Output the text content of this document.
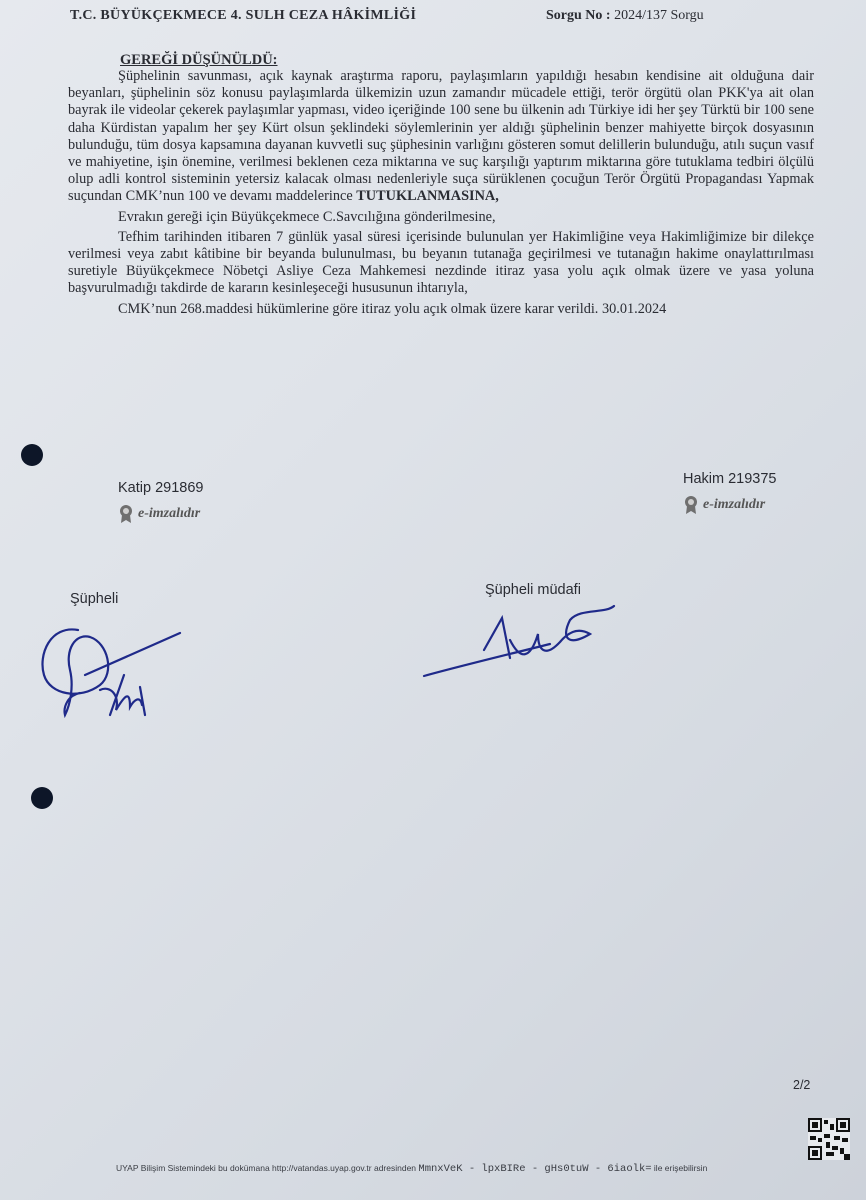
T.C. BÜYÜKÇEKMECE 4. SULH CEZA HÂKİMLİĞİ	Sorgu No : 2024/137 Sorgu
GEREĞİ DÜŞÜNÜLDÜ:

Şüphelinin savunması, açık kaynak araştırma raporu, paylaşımların yapıldığı hesabın kendisine ait olduğuna dair beyanları, şüphelinin söz konusu paylaşımlarda ülkemizin uzun zamandır mücadele ettiği, terör örgütü olan PKK'ya ait olan bayrak ile videolar çekerek paylaşımlar yapması, video içeriğinde 100 sene bu ülkenin adı Türkiye idi her şey Türktü bir 100 sene daha Kürdistan yapalım her şey Kürt olsun şeklindeki söylemlerinin yer aldığı şüphelinin benzer mahiyette birçok dosyasının bulunduğu, tüm dosya kapsamına dayanan kuvvetli suç şüphesinin varlığını gösteren somut delillerin bulunduğu, atılı suçun vasıf ve mahiyetine, işin önemine, verilmesi beklenen ceza miktarına ve suç karşılığı yaptırım miktarına göre tutuklama tedbiri ölçülü olup adli kontrol sisteminin yetersiz kalacak olması nedenleriyle suça sürüklenen çocuğun Terör Örgütü Propagandası Yapmak suçundan CMK’nun 100 ve devamı maddelerince TUTUKLANMASINA,

Evrakın gereği için Büyükçekmece C.Savcılığına gönderilmesine,

Tefhim tarihinden itibaren 7 günlük yasal süresi içerisinde bulunulan yer Hakimliğine veya Hakimliğimize bir dilekçe verilmesi veya zabıt kâtibine bir beyanda bulunulması, bu beyanın tutanağa geçirilmesi ve tutanağın hakime onaylattırılması suretiyle Büyükçekmece Nöbetçi Asliye Ceza Mahkemesi nezdinde itiraz yasa yolu açık olmak üzere ve yasa yoluna başvurulmadığı takdirde de kararın kesinleşeceği hususunun ihtarıyla,

CMK’nun 268.maddesi hükümlerine göre itiraz yolu açık olmak üzere karar verildi. 30.01.2024

Katip 291869
e-imzalıdır
Hakim 219375
e-imzalıdır
Şüpheli
Şüpheli müdafi
2/2
UYAP Bilişim Sistemindeki bu dokümana http://vatandas.uyap.gov.tr adresinden MmnxVeK - lpxBIRe - gHs0tuW - 6iaolk= ile erişebilirsin
